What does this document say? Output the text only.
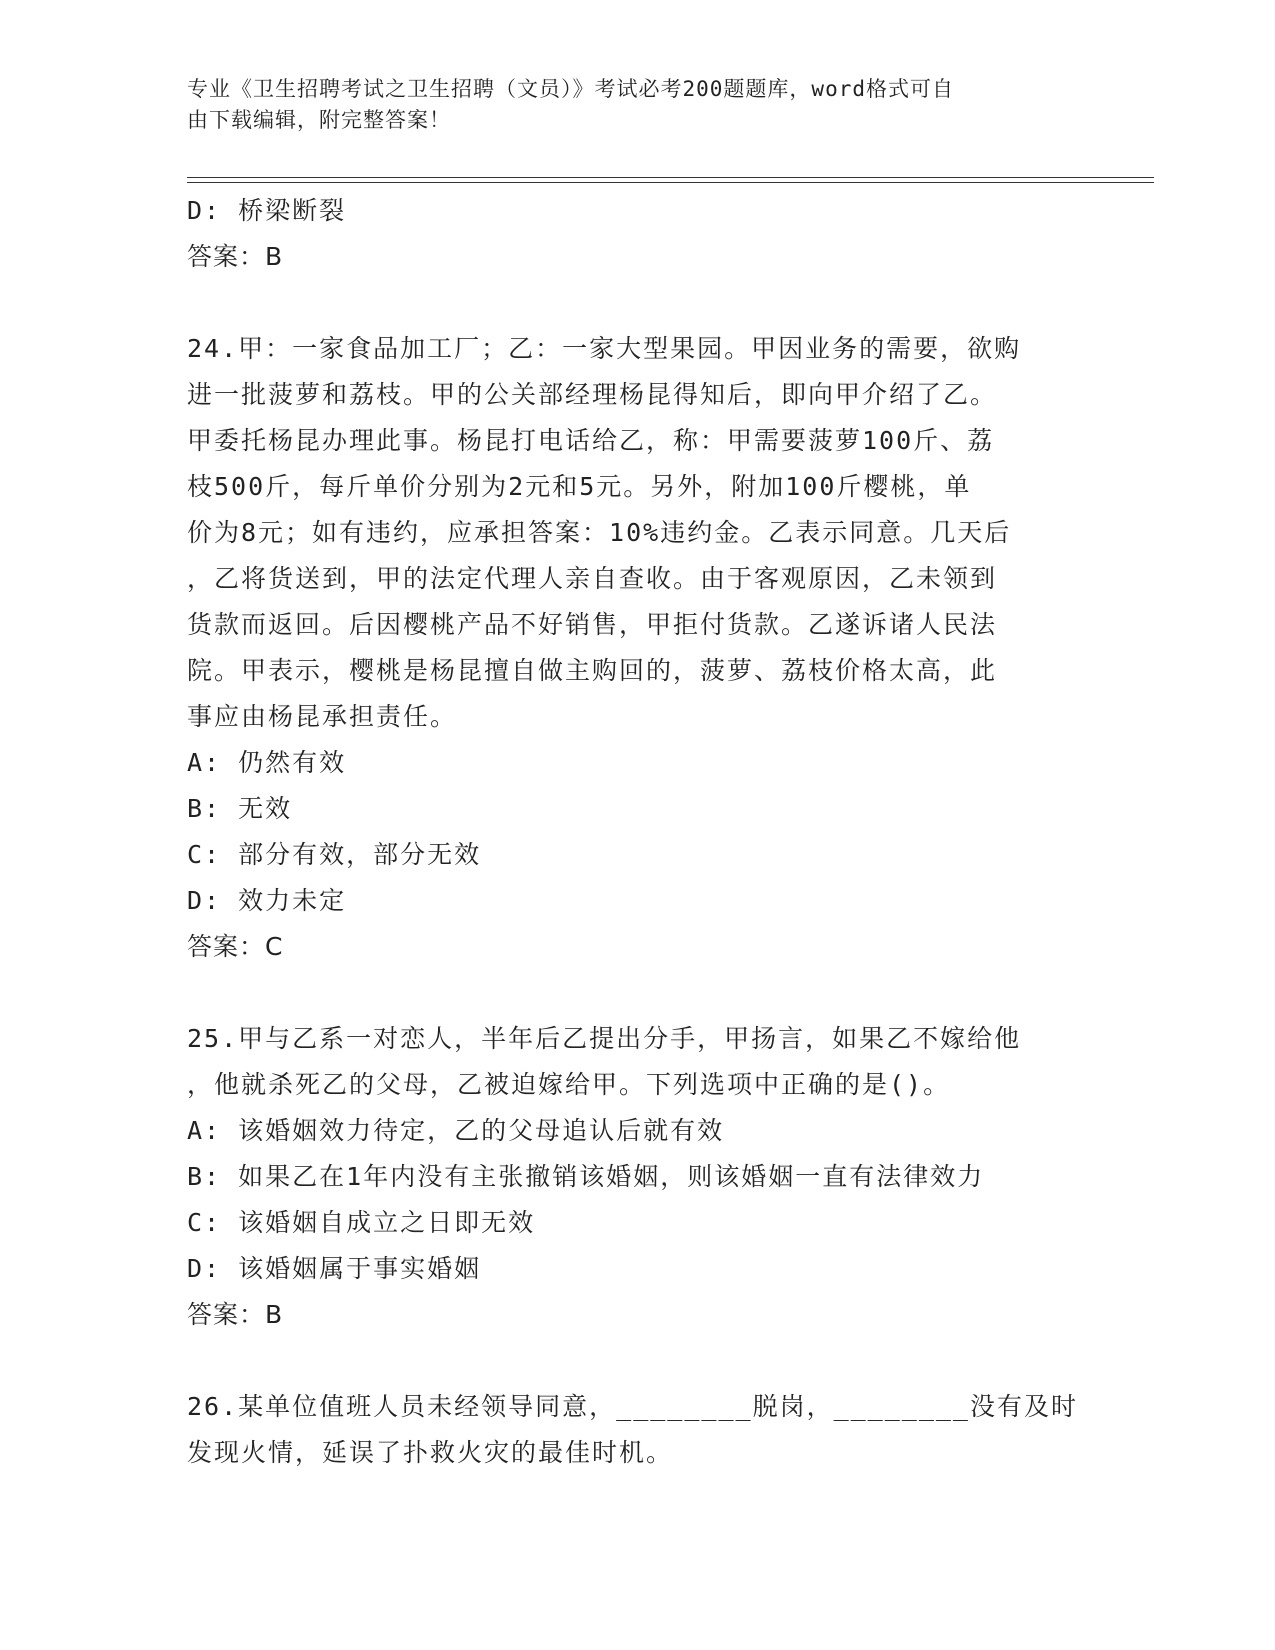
专业《卫生招聘考试之卫生招聘（文员）》考试必考200题题库，word格式可自
由下载编辑，附完整答案！
D: 桥梁断裂
答案：B
24.甲：一家食品加工厂；乙：一家大型果园。甲因业务的需要，欲购
进一批菠萝和荔枝。甲的公关部经理杨昆得知后，即向甲介绍了乙。
甲委托杨昆办理此事。杨昆打电话给乙，称：甲需要菠萝100斤、荔
枝500斤，每斤单价分别为2元和5元。另外，附加100斤樱桃，单
价为8元；如有违约，应承担答案：10%违约金。乙表示同意。几天后
，乙将货送到，甲的法定代理人亲自查收。由于客观原因，乙未领到
货款而返回。后因樱桃产品不好销售，甲拒付货款。乙遂诉诸人民法
院。甲表示，樱桃是杨昆擅自做主购回的，菠萝、荔枝价格太高，此
事应由杨昆承担责任。
A: 仍然有效
B: 无效
C: 部分有效，部分无效
D: 效力未定
答案：C
25.甲与乙系一对恋人，半年后乙提出分手，甲扬言，如果乙不嫁给他
，他就杀死乙的父母，乙被迫嫁给甲。下列选项中正确的是()。
A: 该婚姻效力待定，乙的父母追认后就有效
B: 如果乙在1年内没有主张撤销该婚姻，则该婚姻一直有法律效力
C: 该婚姻自成立之日即无效
D: 该婚姻属于事实婚姻
答案：B
26.某单位值班人员未经领导同意，________脱岗，________没有及时
发现火情，延误了扑救火灾的最佳时机。
